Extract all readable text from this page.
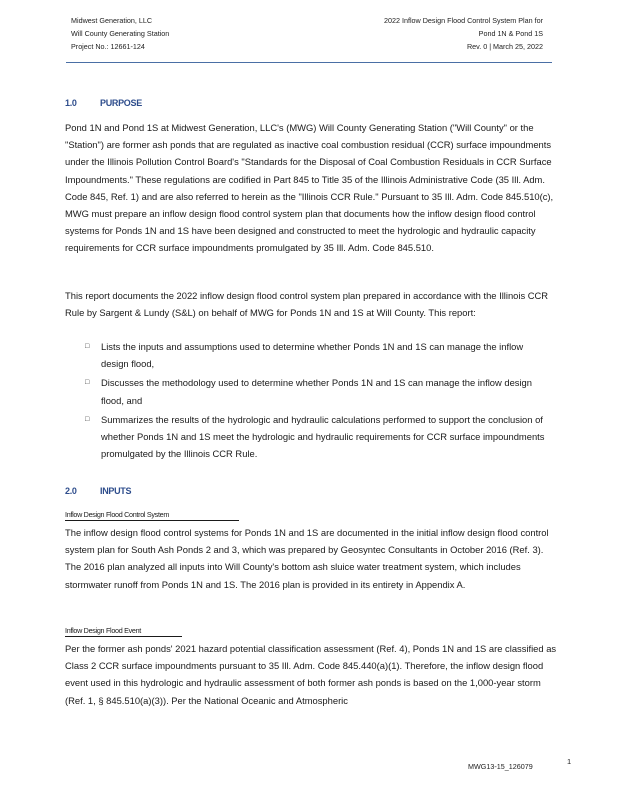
Midwest Generation, LLC
Will County Generating Station
Project No.: 12661-124
2022 Inflow Design Flood Control System Plan for
Pond 1N & Pond 1S
Rev. 0 | March 25, 2022
1.0	PURPOSE

Pond 1N and Pond 1S at Midwest Generation, LLC's (MWG) Will County Generating Station ("Will County" or the "Station") are former ash ponds that are regulated as inactive coal combustion residual (CCR) surface impoundments under the Illinois Pollution Control Board's "Standards for the Disposal of Coal Combustion Residuals in CCR Surface Impoundments." These regulations are codified in Part 845 to Title 35 of the Illinois Administrative Code (35 Ill. Adm. Code 845, Ref. 1) and are also referred to herein as the "Illinois CCR Rule." Pursuant to 35 Ill. Adm. Code 845.510(c), MWG must prepare an inflow design flood control system plan that documents how the inflow design flood control systems for Ponds 1N and 1S have been designed and constructed to meet the hydrologic and hydraulic capacity requirements for CCR surface impoundments promulgated by 35 Ill. Adm. Code 845.510.

This report documents the 2022 inflow design flood control system plan prepared in accordance with the Illinois CCR Rule by Sargent & Lundy (S&L) on behalf of MWG for Ponds 1N and 1S at Will County. This report:

□ Lists the inputs and assumptions used to determine whether Ponds 1N and 1S can manage the inflow design flood,
□ Discusses the methodology used to determine whether Ponds 1N and 1S can manage the inflow design flood, and
□ Summarizes the results of the hydrologic and hydraulic calculations performed to support the conclusion of whether Ponds 1N and 1S meet the hydrologic and hydraulic requirements for CCR surface impoundments promulgated by the Illinois CCR Rule.
2.0	INPUTS
Inflow Design Flood Control System

The inflow design flood control systems for Ponds 1N and 1S are documented in the initial inflow design flood control system plan for South Ash Ponds 2 and 3, which was prepared by Geosyntec Consultants in October 2016 (Ref. 3). The 2016 plan analyzed all inputs into Will County's bottom ash sluice water treatment system, which includes stormwater runoff from Ponds 1N and 1S. The 2016 plan is provided in its entirety in Appendix A.

Inflow Design Flood Event

Per the former ash ponds' 2021 hazard potential classification assessment (Ref. 4), Ponds 1N and 1S are classified as Class 2 CCR surface impoundments pursuant to 35 Ill. Adm. Code 845.440(a)(1). Therefore, the inflow design flood event used in this hydrologic and hydraulic assessment of both former ash ponds is based on the 1,000-year storm (Ref. 1, § 845.510(a)(3)). Per the National Oceanic and Atmospheric

MWG13-15_126079
1
